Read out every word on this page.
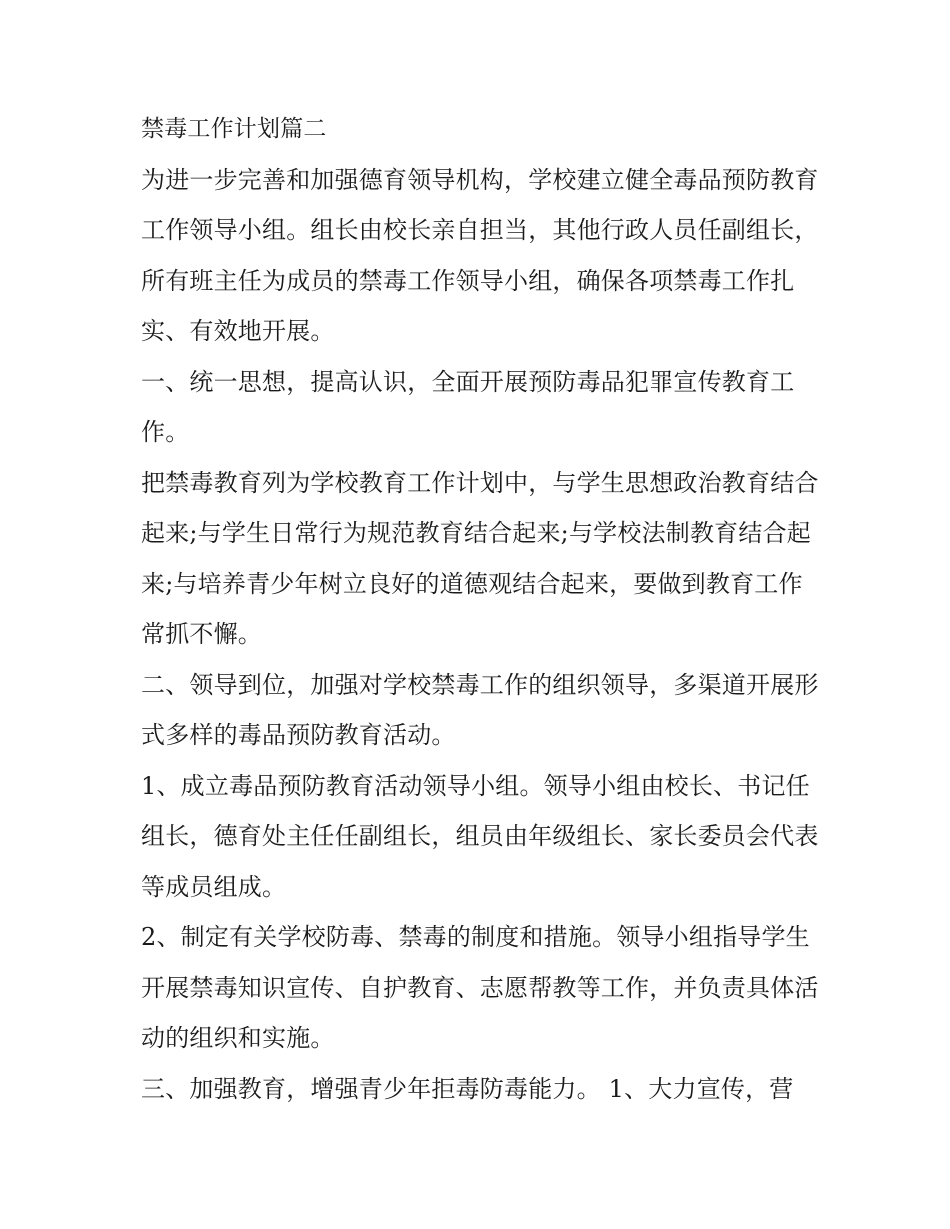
禁毒工作计划篇二

为进一步完善和加强德育领导机构，学校建立健全毒品预防教育工作领导小组。组长由校长亲自担当，其他行政人员任副组长，所有班主任为成员的禁毒工作领导小组，确保各项禁毒工作扎实、有效地开展。

一、统一思想，提高认识，全面开展预防毒品犯罪宣传教育工作。

把禁毒教育列为学校教育工作计划中，与学生思想政治教育结合起来;与学生日常行为规范教育结合起来;与学校法制教育结合起来;与培养青少年树立良好的道德观结合起来，要做到教育工作常抓不懈。

二、领导到位，加强对学校禁毒工作的组织领导，多渠道开展形式多样的毒品预防教育活动。

1、成立毒品预防教育活动领导小组。领导小组由校长、书记任组长，德育处主任任副组长，组员由年级组长、家长委员会代表等成员组成。

2、制定有关学校防毒、禁毒的制度和措施。领导小组指导学生开展禁毒知识宣传、自护教育、志愿帮教等工作，并负责具体活动的组织和实施。

三、加强教育，增强青少年拒毒防毒能力。 1、大力宣传，营
